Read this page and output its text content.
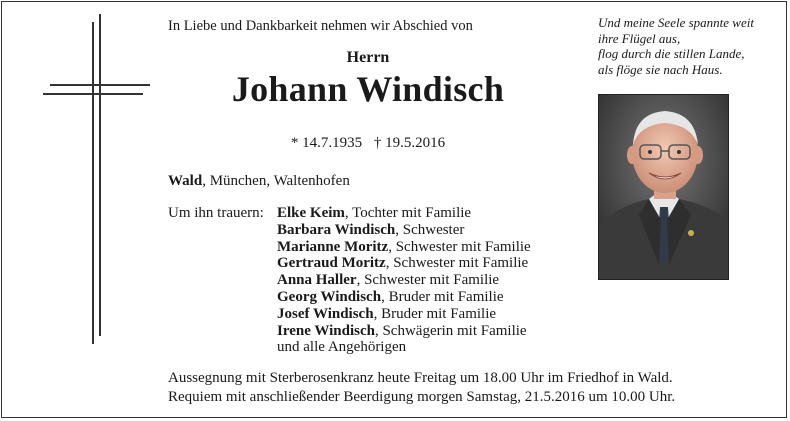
In Liebe und Dankbarkeit nehmen wir Abschied von
Herrn
Johann Windisch
* 14.7.1935 † 19.5.2016
Wald, München, Waltenhofen
Um ihn trauern: Elke Keim, Tochter mit Familie
Barbara Windisch, Schwester
Marianne Moritz, Schwester mit Familie
Gertraud Moritz, Schwester mit Familie
Anna Haller, Schwester mit Familie
Georg Windisch, Bruder mit Familie
Josef Windisch, Bruder mit Familie
Irene Windisch, Schwägerin mit Familie
und alle Angehörigen
Aussegnung mit Sterberosenkranz heute Freitag um 18.00 Uhr im Friedhof in Wald.
Requiem mit anschließender Beerdigung morgen Samstag, 21.5.2016 um 10.00 Uhr.
Und meine Seele spannte weit
ihre Flügel aus,
flog durch die stillen Lande,
als flöge sie nach Haus.
